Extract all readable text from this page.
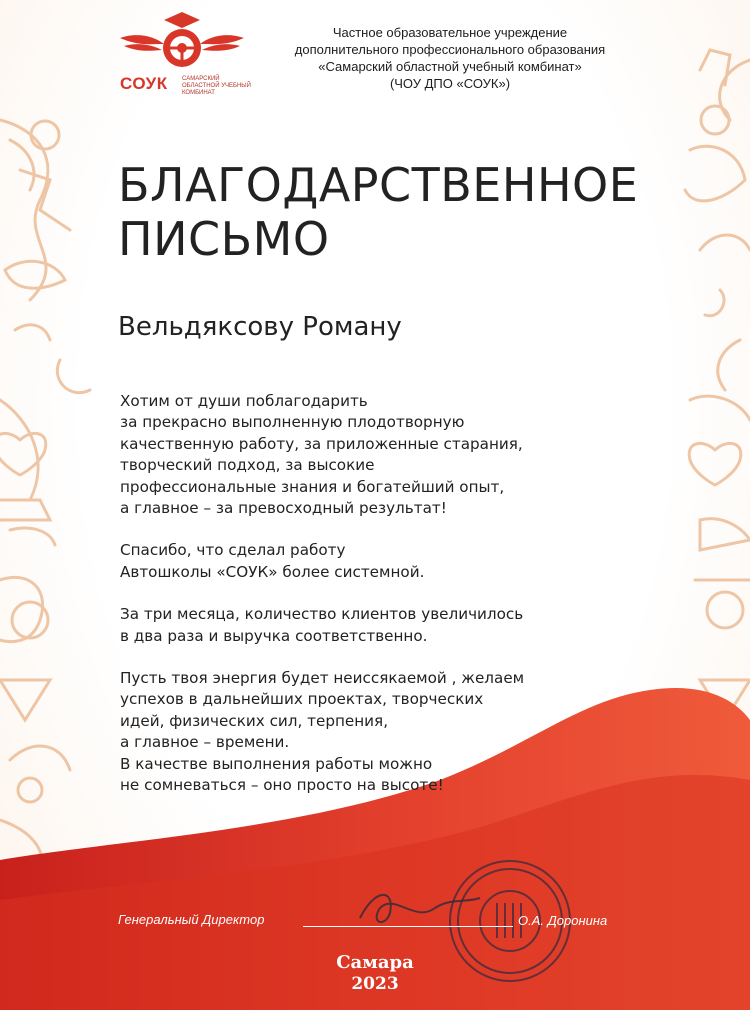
СОУК САМАРСКИЙ ОБЛАСТНОЙ УЧЕБНЫЙ КОМБИНАТ
Частное образовательное учреждение
дополнительного профессионального образования
«Самарский областной учебный комбинат»
(ЧОУ ДПО «СОУК»)
БЛАГОДАРСТВЕННОЕ
ПИСЬМО
Вельдяксову Роману
Хотим от души поблагодарить
за прекрасно выполненную плодотворную
качественную работу, за приложенные старания,
творческий подход, за высокие
профессиональные знания и богатейший опыт,
а главное – за превосходный результат!
Спасибо, что сделал работу
Автошколы «СОУК» более системной.
За три месяца, количество клиентов увеличилось
в два раза и выручка соответственно.
Пусть твоя энергия будет неиссякаемой , желаем
успехов в дальнейших проектах, творческих
идей, физических сил, терпения,
а главное – времени.
В качестве выполнения работы можно
не сомневаться – оно просто на высоте!
Генеральный Директор	О.А. Доронина
Самара
2023
